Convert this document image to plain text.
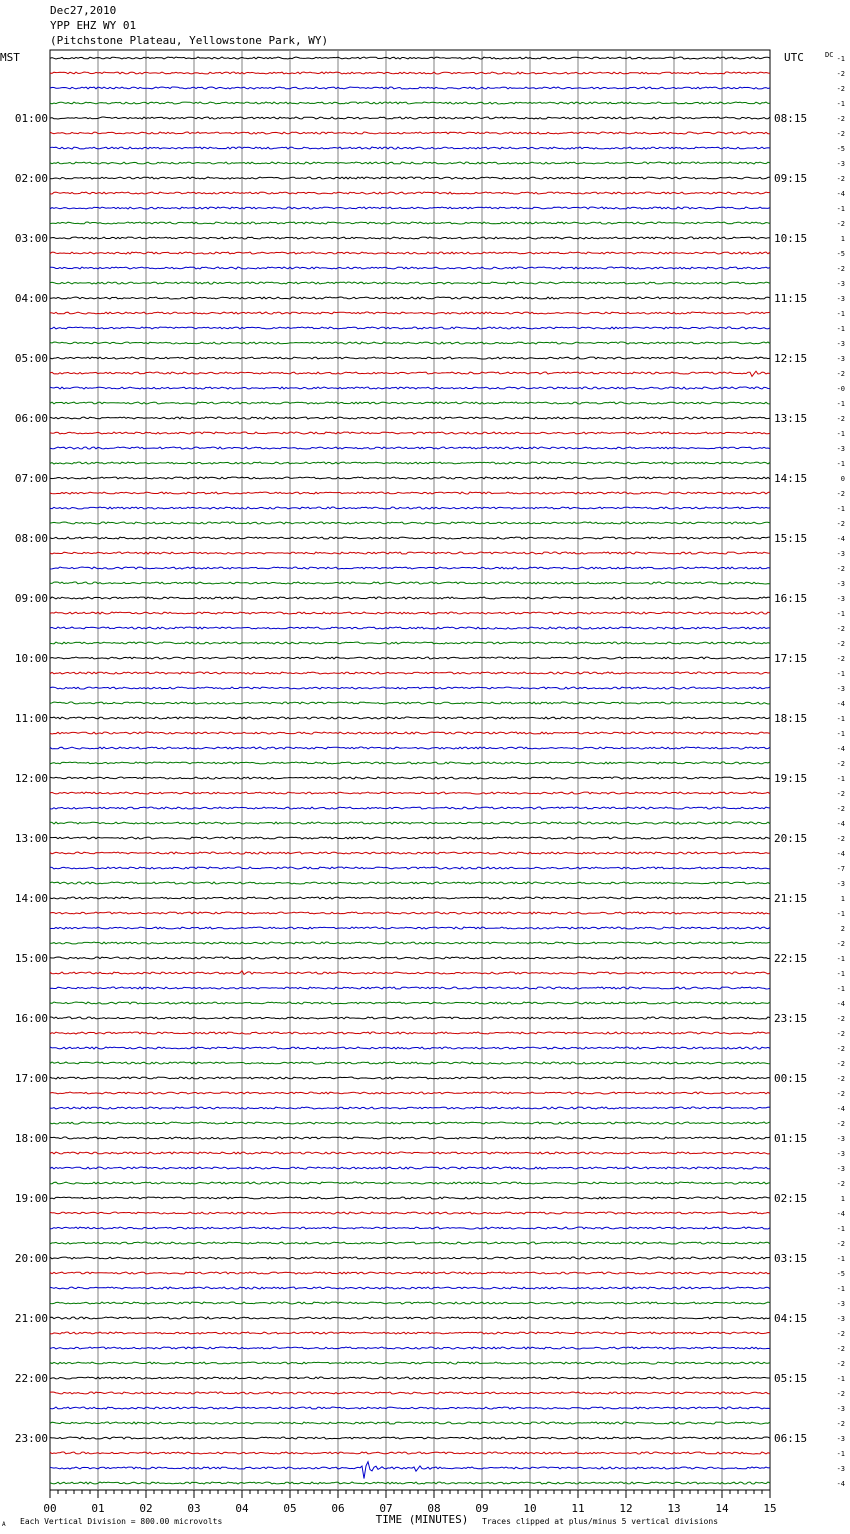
Dec27,2010
YPP EHZ WY 01
(Pitchstone Plateau, Yellowstone Park, WY)
-1
-2
-2
-1
-2
-2
-5
-3
-2
-4
-1
-2
1
-5
-2
-3
-3
-1
-1
-3
-3
-2
-0
-1
-2
-1
-3
-1
0
-2
-1
-2
-4
-3
-2
-3
-3
-1
-2
-2
-2
-1
-3
-4
-1
-1
-4
-2
-1
-2
-2
-4
-2
-4
-7
-3
1
-1
2
-2
-1
-1
-1
-4
-2
-2
-2
-2
-2
-2
-4
-2
-3
-3
-3
-2
1
-4
-1
-2
-1
-5
-1
-3
-3
-2
-2
-2
-1
-2
-3
-2
-3
-1
-3
-4
01:00
02:00
03:00
04:00
05:00
06:00
07:00
08:00
09:00
10:00
11:00
12:00
13:00
14:00
15:00
16:00
17:00
18:00
19:00
20:00
21:00
22:00
23:00
08:15
09:15
10:15
11:15
12:15
13:15
14:15
15:15
16:15
17:15
18:15
19:15
20:15
21:15
22:15
23:15
00:15
01:15
02:15
03:15
04:15
05:15
06:15
MST	UTC	DC
00	01	02	03	04	05	06	07	08	09	10	11	12	13	14	15
TIME (MINUTES)
A Each Vertical Division = 800.00 microvolts	Traces clipped at plus/minus 5 vertical divisions
